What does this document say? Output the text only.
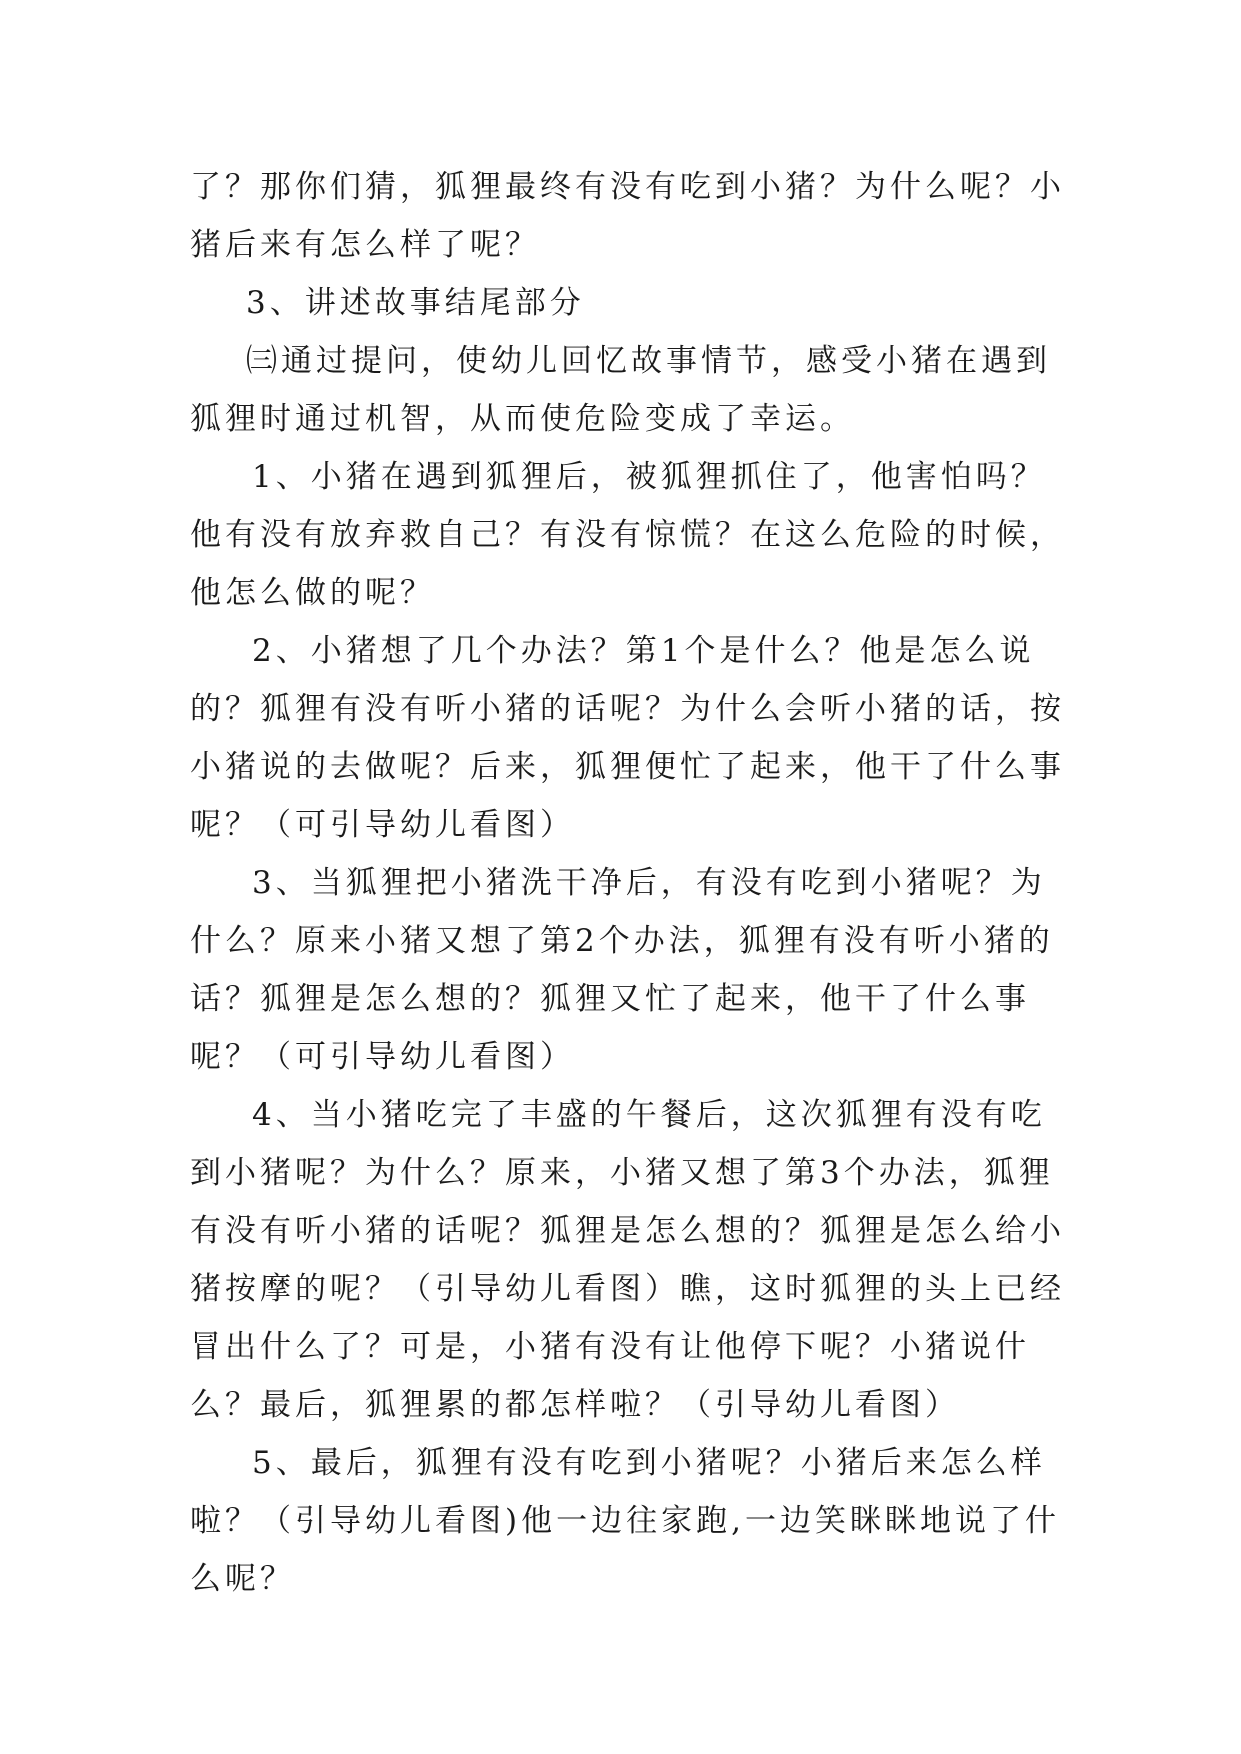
了？那你们猜，狐狸最终有没有吃到小猪？为什么呢？小猪后来有怎么样了呢？

3、讲述故事结尾部分

㈢通过提问，使幼儿回忆故事情节，感受小猪在遇到狐狸时通过机智，从而使危险变成了幸运。

1、小猪在遇到狐狸后，被狐狸抓住了，他害怕吗？他有没有放弃救自己？有没有惊慌？在这么危险的时候，他怎么做的呢？

2、小猪想了几个办法？第1个是什么？他是怎么说的？狐狸有没有听小猪的话呢？为什么会听小猪的话，按小猪说的去做呢？后来，狐狸便忙了起来，他干了什么事呢？（可引导幼儿看图）

3、当狐狸把小猪洗干净后，有没有吃到小猪呢？为什么？原来小猪又想了第2个办法，狐狸有没有听小猪的话？狐狸是怎么想的？狐狸又忙了起来，他干了什么事呢？（可引导幼儿看图）

4、当小猪吃完了丰盛的午餐后，这次狐狸有没有吃到小猪呢？为什么？原来，小猪又想了第3个办法，狐狸有没有听小猪的话呢？狐狸是怎么想的？狐狸是怎么给小猪按摩的呢？（引导幼儿看图）瞧，这时狐狸的头上已经冒出什么了？可是，小猪有没有让他停下呢？小猪说什么？最后，狐狸累的都怎样啦？（引导幼儿看图）

5、最后，狐狸有没有吃到小猪呢？小猪后来怎么样啦？（引导幼儿看图)他一边往家跑,一边笑眯眯地说了什么呢？
